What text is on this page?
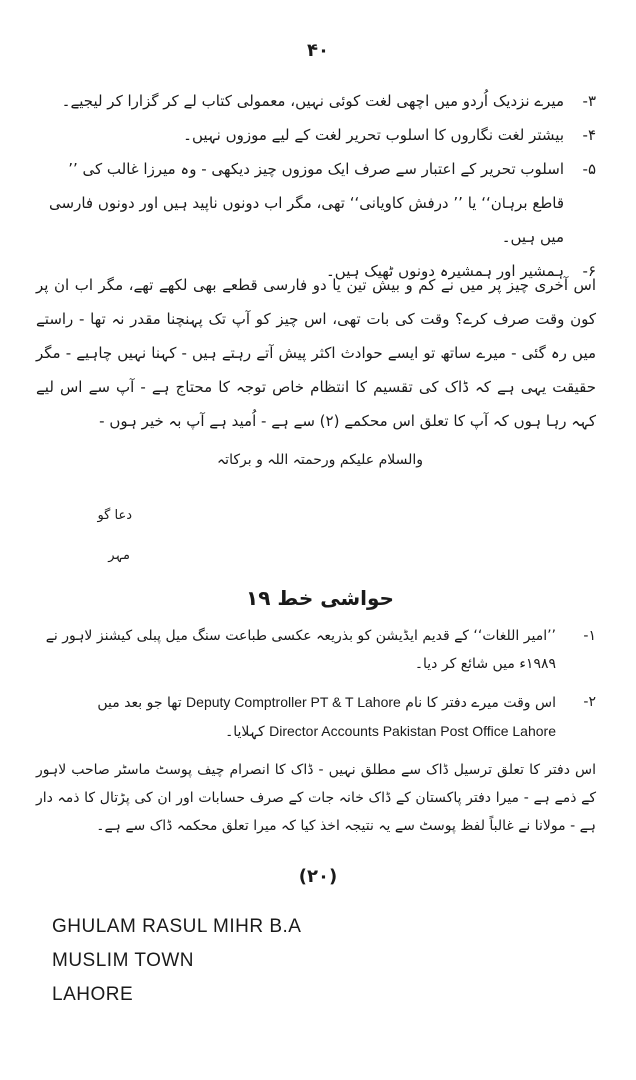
۴۰
۳-
میرے نزدیک اُردو میں اچھی لغت کوئی نہیں، معمولی کتاب لے کر گزارا کر لیجیے۔
۴-
بیشتر لغت نگاروں کا اسلوب تحریر لغت کے لیے موزوں نہیں۔
۵-
اسلوب تحریر کے اعتبار سے صرف ایک موزوں چیز دیکھی - وہ میرزا غالب کی ’’ قاطع برہان‘‘ یا ’’ درفش کاویانی‘‘ تھی، مگر اب دونوں ناپید ہیں اور دونوں فارسی میں ہیں۔
۶-
ہمشیر اور ہمشیرہ دونوں ٹھیک ہیں۔
اس آخری چیز پر میں نے کم و بیش تین یا دو فارسی قطعے بھی لکھے تھے، مگر اب ان پر کون وقت صرف کرے؟ وقت کی بات تھی، اس چیز کو آپ تک پہنچنا مقدر نہ تھا - راستے میں رہ گئی - میرے ساتھ تو ایسے حوادث اکثر پیش آتے رہتے ہیں - کہنا نہیں چاہیے - مگر حقیقت یہی ہے کہ ڈاک کی تقسیم کا انتظام خاص توجہ کا محتاج ہے - آپ سے اس لیے کہہ رہا ہوں کہ آپ کا تعلق اس محکمے (۲) سے ہے - اُمید ہے آپ بہ خیر ہوں -
والسلام علیکم ورحمتہ اللہ و برکاتہ
دعا گو
مہر
حواشی خط ۱۹
۱-
’’امیر اللغات‘‘ کے قدیم ایڈیشن کو بذریعہ عکسی طباعت سنگ میل پبلی کیشنز لاہور نے ۱۹۸۹ء میں شائع کر دیا۔
۲-
اس وقت میرے دفتر کا نام Deputy Comptroller PT & T Lahore تھا جو بعد میں
Director Accounts Pakistan Post Office Lahore کہلایا۔
اس دفتر کا تعلق ترسیل ڈاک سے مطلق نہیں - ڈاک کا انصرام چیف پوسٹ ماسٹر صاحب لاہور کے ذمے ہے - میرا دفتر پاکستان کے ڈاک خانہ جات کے صرف حسابات اور ان کی پڑتال کا ذمہ دار ہے - مولانا نے غالباً لفظ پوسٹ سے یہ نتیجہ اخذ کیا کہ میرا تعلق محکمہ ڈاک سے ہے۔
(۲۰)
GHULAM RASUL MIHR B.A
MUSLIM TOWN
LAHORE
